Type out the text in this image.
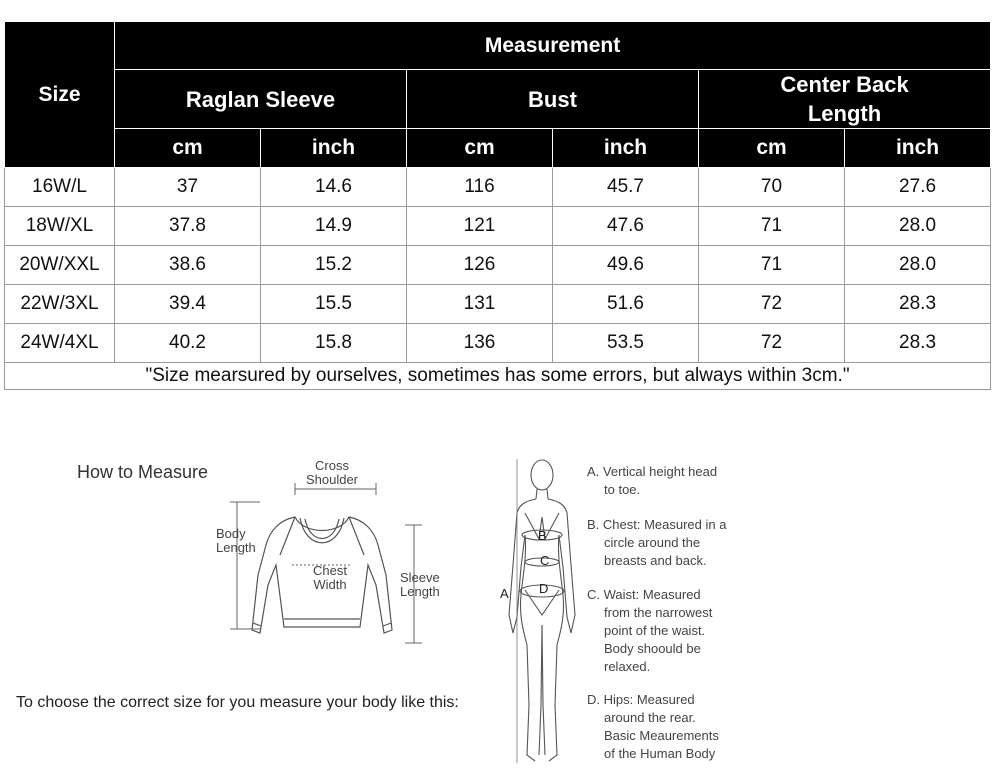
Size	Measurement					
	Raglan Sleeve		Bust		Center Back Length	
	cm	inch	cm	inch	cm	inch
16W/L	37	14.6	116	45.7	70	27.6
18W/XL	37.8	14.9	121	47.6	71	28.0
20W/XXL	38.6	15.2	126	49.6	71	28.0
22W/3XL	39.4	15.5	131	51.6	72	28.3
24W/4XL	40.2	15.8	136	53.5	72	28.3
"Size mearsured by ourselves, sometimes has some errors, but always within 3cm."						
How to Measure	Cross
Shoulder
Body
Length
Chest
Width	Sleeve
Length
To choose the correct size for you measure your body like this:
B
C
D
A
A. Vertical height head
to toe.
B. Chest: Measured in a
circle around the
breasts and back.
C. Waist: Measured
from the narrowest
point of the waist.
Body shoould be
relaxed.
D. Hips: Measured
around the rear.
Basic Meaurements
of the Human Body
